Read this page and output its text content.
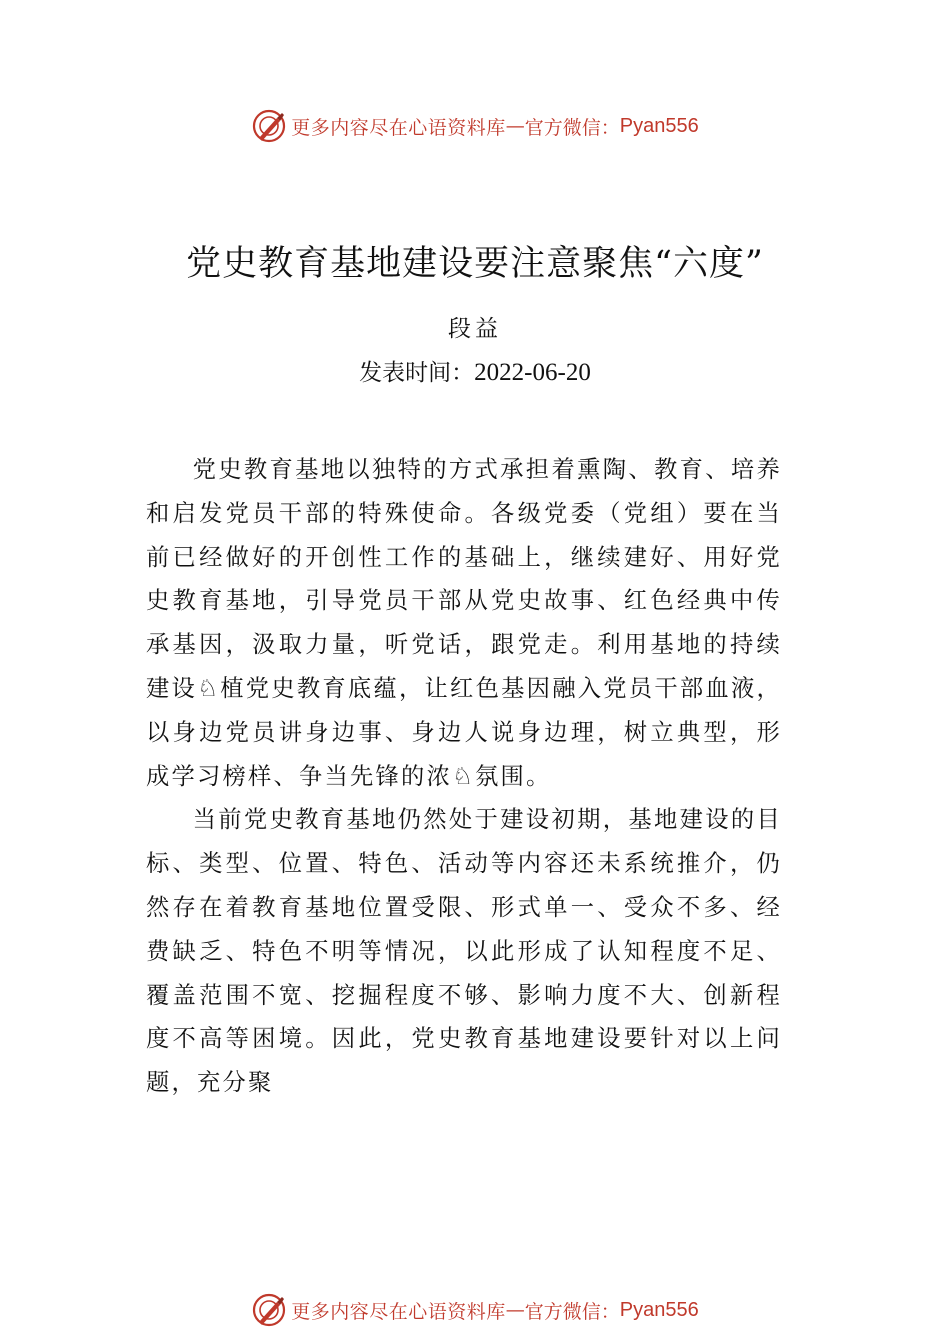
更多内容尽在心语资料库 — 官方微信： Pyan556
党史教育基地建设要注意聚焦“六度”
段益
发表时间：2022-06-20

党史教育基地以独特的方式承担着熏陶、教育、培养和启发党员干部的特殊使命。各级党委（党组）要在当前已经做好的开创性工作的基础上，继续建好、用好党史教育基地，引导党员干部从党史故事、红色经典中传承基因，汲取力量，听党话，跟党走。利用基地的持续建设♘植党史教育底蕴，让红色基因融入党员干部血液，以身边党员讲身边事、身边人说身边理，树立典型，形成学习榜样、争当先锋的浓♘氛围。

当前党史教育基地仍然处于建设初期，基地建设的目标、类型、位置、特色、活动等内容还未系统推介，仍然存在着教育基地位置受限、形式单一、受众不多、经费缺乏、特色不明等情况，以此形成了认知程度不足、覆盖范围不宽、挖掘程度不够、影响力度不大、创新程度不高等困境。因此，党史教育基地建设要针对以上问题，充分聚

更多内容尽在心语资料库 — 官方微信： Pyan556
